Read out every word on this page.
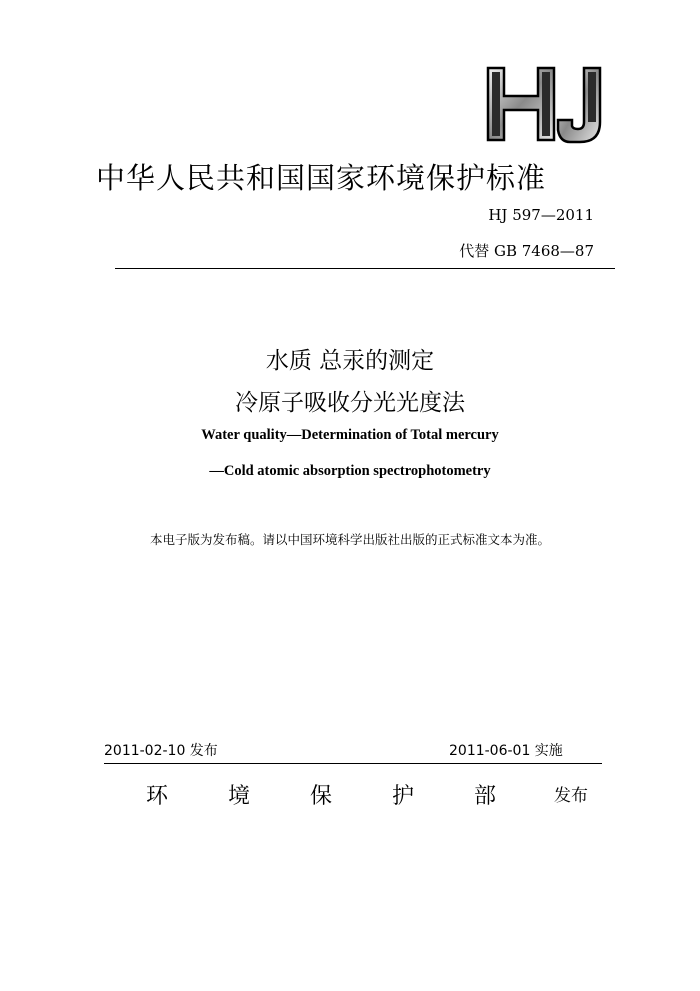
中华人民共和国国家环境保护标准
HJ 597—2011
代替 GB 7468—87
水质 总汞的测定
冷原子吸收分光光度法
Water quality—Determination of Total mercury
—Cold atomic absorption spectrophotometry
本电子版为发布稿。请以中国环境科学出版社出版的正式标准文本为准。
2011-02-10 发布	2011-06-01 实施
环	境	保	护	部	发布
